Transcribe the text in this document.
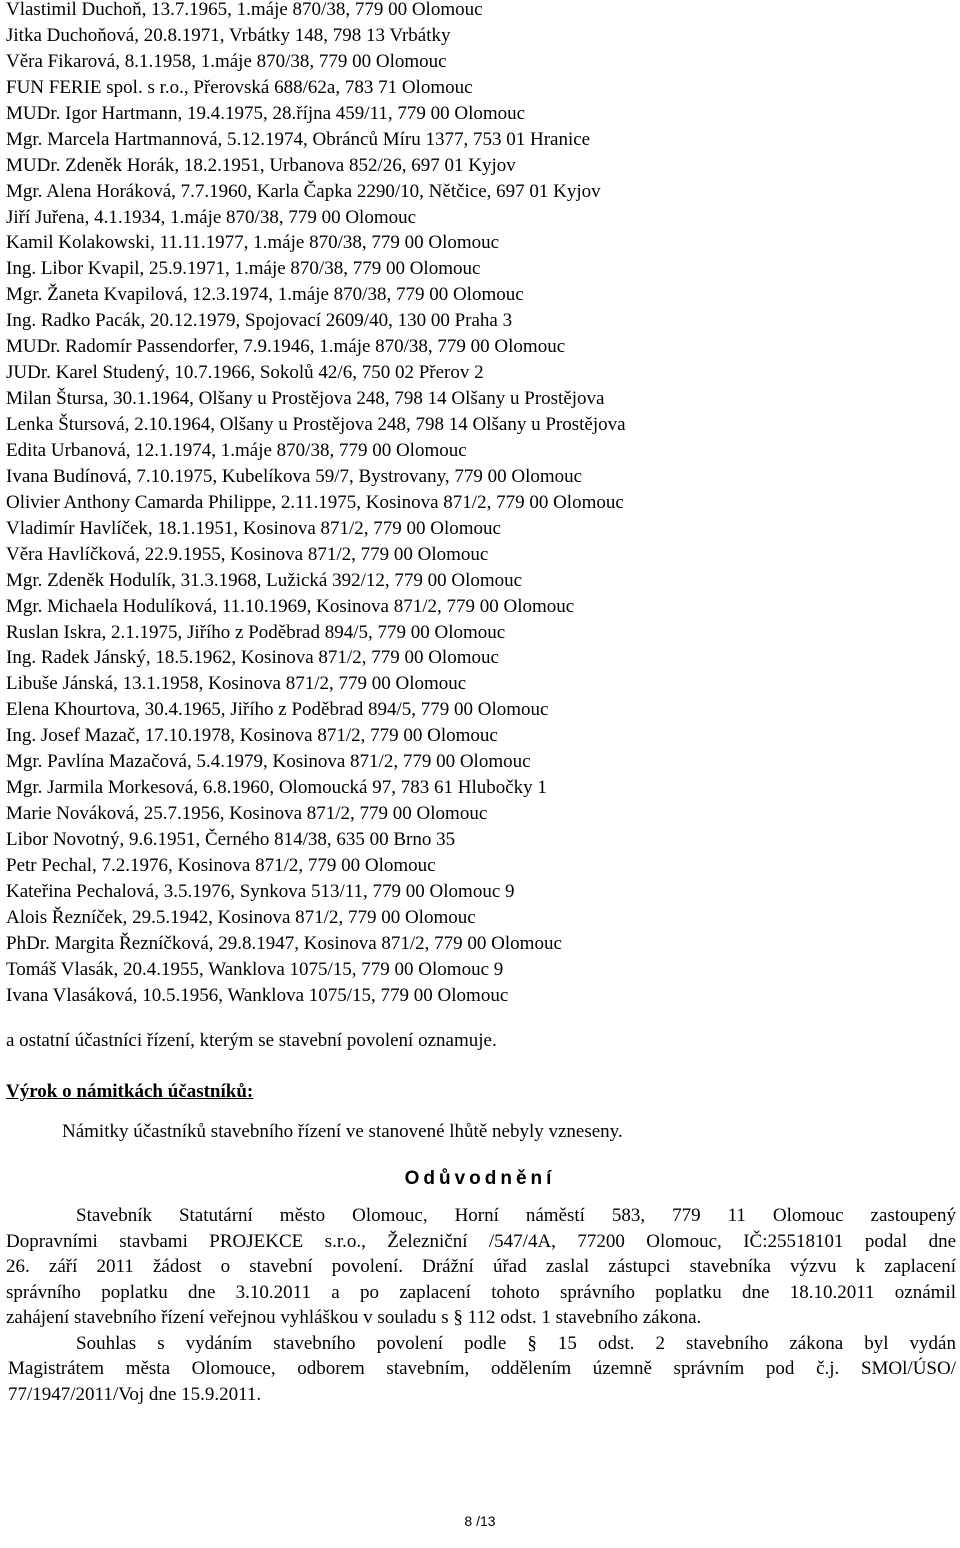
Vlastimil Duchoň, 13.7.1965, 1.máje 870/38, 779 00 Olomouc
Jitka Duchoňová, 20.8.1971, Vrbátky 148, 798 13 Vrbátky
Věra Fikarová, 8.1.1958, 1.máje 870/38, 779 00 Olomouc
FUN FERIE spol. s r.o., Přerovská 688/62a, 783 71 Olomouc
MUDr. Igor Hartmann, 19.4.1975, 28.října 459/11, 779 00 Olomouc
Mgr. Marcela Hartmannová, 5.12.1974, Obránců Míru 1377, 753 01 Hranice
MUDr. Zdeněk Horák, 18.2.1951, Urbanova 852/26, 697 01 Kyjov
Mgr. Alena Horáková, 7.7.1960, Karla Čapka 2290/10, Nětčice, 697 01 Kyjov
Jiří Juřena, 4.1.1934, 1.máje 870/38, 779 00 Olomouc
Kamil Kolakowski, 11.11.1977, 1.máje 870/38, 779 00 Olomouc
Ing. Libor Kvapil, 25.9.1971, 1.máje 870/38, 779 00 Olomouc
Mgr. Žaneta Kvapilová, 12.3.1974, 1.máje 870/38, 779 00 Olomouc
Ing. Radko Pacák, 20.12.1979, Spojovací 2609/40, 130 00 Praha 3
MUDr. Radomír Passendorfer, 7.9.1946, 1.máje 870/38, 779 00 Olomouc
JUDr. Karel Studený, 10.7.1966, Sokolů 42/6, 750 02 Přerov 2
Milan Štursa, 30.1.1964, Olšany u Prostějova 248, 798 14 Olšany u Prostějova
Lenka Štursová, 2.10.1964, Olšany u Prostějova 248, 798 14 Olšany u Prostějova
Edita Urbanová, 12.1.1974, 1.máje 870/38, 779 00 Olomouc
Ivana Budínová, 7.10.1975, Kubelíkova 59/7, Bystrovany, 779 00 Olomouc
Olivier Anthony Camarda Philippe, 2.11.1975, Kosinova 871/2, 779 00 Olomouc
Vladimír Havlíček, 18.1.1951, Kosinova 871/2, 779 00 Olomouc
Věra Havlíčková, 22.9.1955, Kosinova 871/2, 779 00 Olomouc
Mgr. Zdeněk Hodulík, 31.3.1968, Lužická 392/12, 779 00 Olomouc
Mgr. Michaela Hodulíková, 11.10.1969, Kosinova 871/2, 779 00 Olomouc
Ruslan Iskra, 2.1.1975, Jiřího z Poděbrad 894/5, 779 00 Olomouc
Ing. Radek Jánský, 18.5.1962, Kosinova 871/2, 779 00 Olomouc
Libuše Jánská, 13.1.1958, Kosinova 871/2, 779 00 Olomouc
Elena Khourtova, 30.4.1965, Jiřího z Poděbrad 894/5, 779 00 Olomouc
Ing. Josef Mazač, 17.10.1978, Kosinova 871/2, 779 00 Olomouc
Mgr. Pavlína Mazačová, 5.4.1979, Kosinova 871/2, 779 00 Olomouc
Mgr. Jarmila Morkesová, 6.8.1960, Olomoucká 97, 783 61 Hlubočky 1
Marie Nováková, 25.7.1956, Kosinova 871/2, 779 00 Olomouc
Libor Novotný, 9.6.1951, Černého 814/38, 635 00 Brno 35
Petr Pechal, 7.2.1976, Kosinova 871/2, 779 00 Olomouc
Kateřina Pechalová, 3.5.1976, Synkova 513/11, 779 00 Olomouc 9
Alois Řezníček, 29.5.1942, Kosinova 871/2, 779 00 Olomouc
PhDr. Margita Řezníčková, 29.8.1947, Kosinova 871/2, 779 00 Olomouc
Tomáš Vlasák, 20.4.1955, Wanklova 1075/15, 779 00 Olomouc 9
Ivana Vlasáková, 10.5.1956, Wanklova 1075/15, 779 00 Olomouc
a ostatní účastníci řízení, kterým se stavební povolení oznamuje.
Výrok o námitkách účastníků:
Námitky účastníků stavebního řízení ve stanovené lhůtě nebyly vzneseny.
Odůvodnění
Stavebník Statutární město Olomouc, Horní náměstí 583, 779 11 Olomouc zastoupený
Dopravními stavbami PROJEKCE s.r.o., Železniční /547/4A, 77200 Olomouc, IČ:25518101 podal dne
26. září 2011 žádost o stavební povolení. Drážní úřad zaslal zástupci stavebníka výzvu k zaplacení
správního poplatku dne 3.10.2011 a po zaplacení tohoto správního poplatku dne 18.10.2011 oznámil
zahájení stavebního řízení veřejnou vyhláškou v souladu s § 112 odst. 1 stavebního zákona.
Souhlas s vydáním stavebního povolení podle § 15 odst. 2 stavebního zákona byl vydán
Magistrátem města Olomouce, odborem stavebním, oddělením územně správním pod č.j. SMOl/ÚSO/
77/1947/2011/Voj dne 15.9.2011.
8 /13
